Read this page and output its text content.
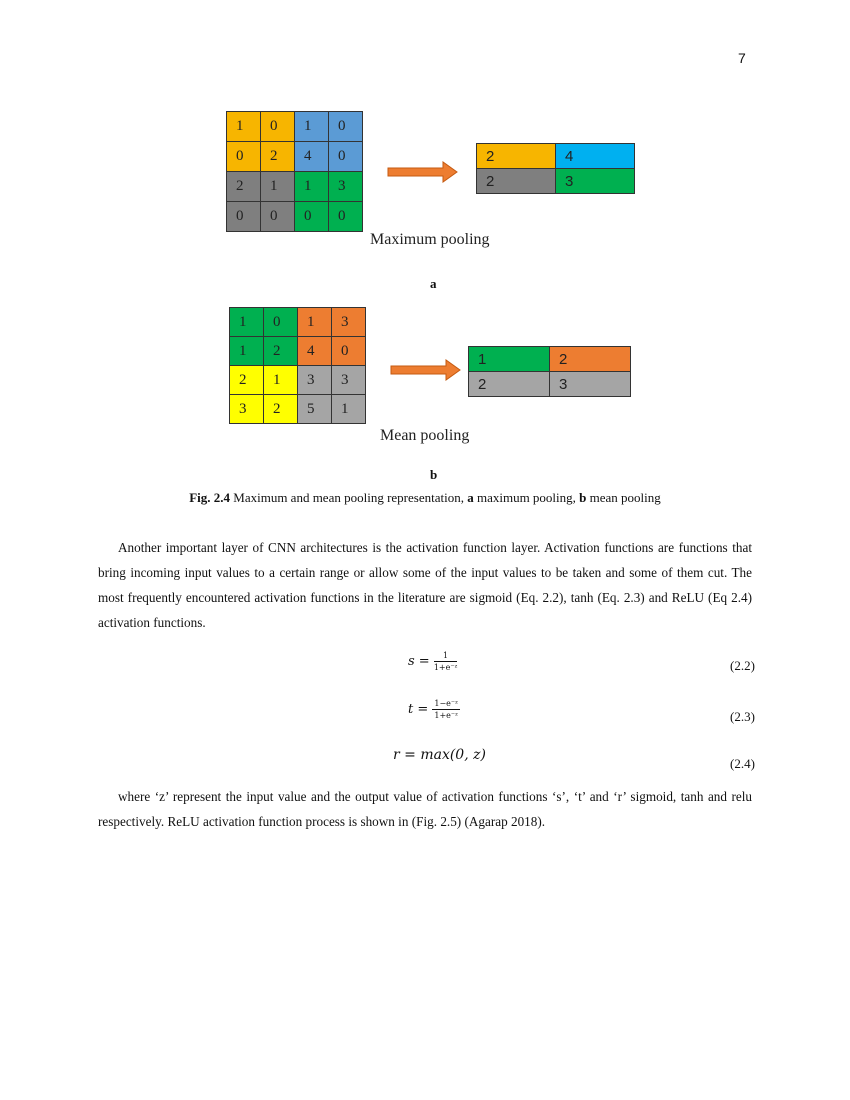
7
1	0	1	0
0	2	4	0
2	1	1	3
0	0	0	0
2	4
2	3
Maximum pooling
a
1	0	1	3
1	2	4	0
2	1	3	3
3	2	5	1
1	2
2	3
Mean pooling
b
Fig. 2.4 Maximum and mean pooling representation, a maximum pooling, b mean pooling
Another important layer of CNN architectures is the activation function layer. Activation functions are functions that bring incoming input values to a certain range or allow some of the input values to be taken and some of them cut. The most frequently encountered activation functions in the literature are sigmoid (Eq. 2.2), tanh (Eq. 2.3) and ReLU (Eq 2.4) activation functions.
$s = \frac{1}{\text{1+e⁻ᶻ}}$	(2.2)
$t = \frac{\text{1−e⁻ᶻ}}{\text{1+e⁻ᶻ}}$	(2.3)
r = max(0, z)
(2.4)
where ‘z’ represent the input value and the output value of activation functions ‘s’, ‘t’ and ‘r’ sigmoid, tanh and relu respectively. ReLU activation function process is shown in (Fig. 2.5) (Agarap 2018).
